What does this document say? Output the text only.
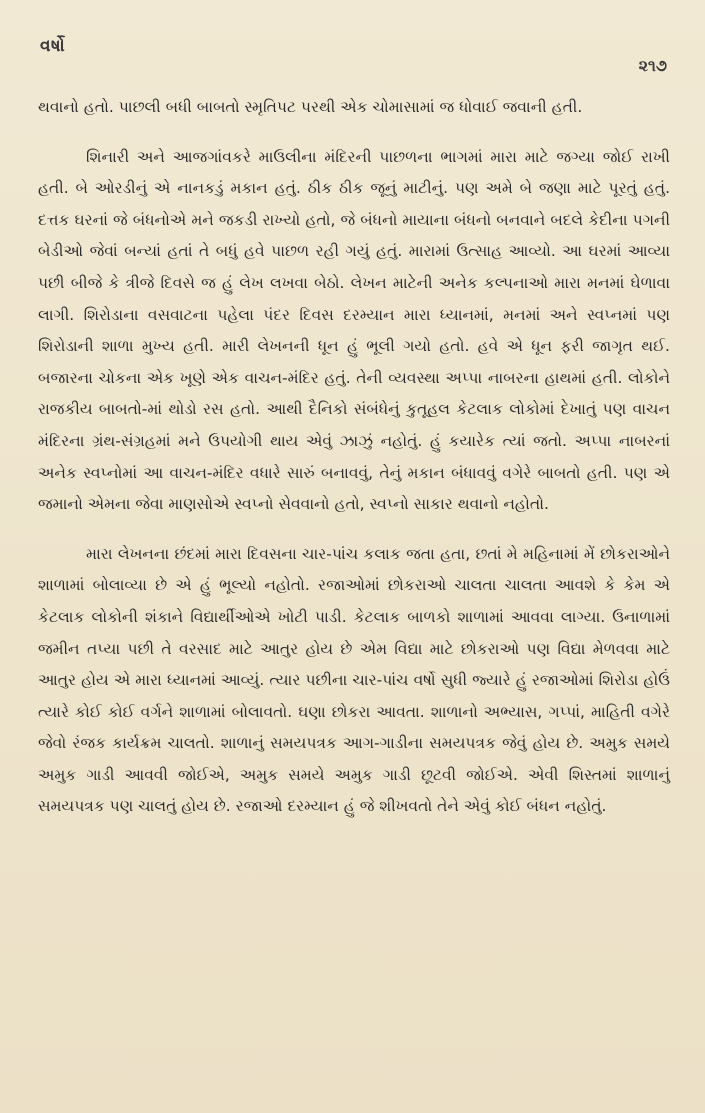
વર્ષો
૨૧૭

થવાનો હતો. પાછલી બધી બાબતો સ્મૃતિપટ પરથી એક ચોમાસામાં જ ધોવાઈ જવાની હતી.

શિનારી અને આજગાંવકરે માઉલીના મંદિરની પાછળના ભાગમાં મારા માટે જગ્યા જોઈ રાખી હતી. બે ઓરડીનું એ નાનકડું મકાન હતું. ઠીક ઠીક જૂનું માટીનું. પણ અમે બે જણા માટે પૂરતું હતું. દત્તક ઘરનાં જે બંધનોએ મને જકડી રાખ્યો હતો, જે બંધનો માયાના બંધનો બનવાને બદલે કેદીના પગની બેડીઓ જેવાં બન્યાં હતાં તે બધું હવે પાછળ રહી ગયું હતું. મારામાં ઉત્સાહ આવ્યો. આ ઘરમાં આવ્યા પછી બીજે કે ત્રીજે દિવસે જ હું લેખ લખવા બેઠો. લેખન માટેની અનેક કલ્પનાઓ મારા મનમાં ઘેળાવા લાગી. શિરોડાના વસવાટના પહેલા પંદર દિવસ દરમ્યાન મારા ધ્યાનમાં, મનમાં અને સ્વપ્નમાં પણ શિરોડાની શાળા મુખ્ય હતી. મારી લેખનની ધૂન હું ભૂલી ગયો હતો. હવે એ ધૂન ફરી જાગૃત થઈ. બજારના ચોકના એક ખૂણે એક વાચન-મંદિર હતું. તેની વ્યવસ્થા અપ્પા નાબરના હાથમાં હતી. લોકોને રાજકીય બાબતો-માં થોડો રસ હતો. આથી દૈનિકો સંબંધેનું કુતૂહલ કેટલાક લોકોમાં દેખાતું પણ વાચન મંદિરના ગ્રંથ-સંગ્રહમાં મને ઉપયોગી થાય એવું ઝાઝું નહોતું. હું કયારેક ત્યાં જતો. અપ્પા નાબરનાં અનેક સ્વપ્નોમાં આ વાચન-મંદિર વધારે સારું બનાવવું, તેનું મકાન બંધાવવું વગેરે બાબતો હતી. પણ એ જમાનો એમના જેવા માણસોએ સ્વપ્નો સેવવાનો હતો, સ્વપ્નો સાકાર થવાનો નહોતો.

મારા લેખનના છંદમાં મારા દિવસના ચાર-પાંચ કલાક જતા હતા, છતાં મે મહિનામાં મેં છોકરાઓને શાળામાં બોલાવ્યા છે એ હું ભૂલ્યો નહોતો. રજાઓમાં છોકરાઓ ચાલતા ચાલતા આવશે કે કેમ એ કેટલાક લોકોની શંકાને વિદ્યાર્થીઓએ ખોટી પાડી. કેટલાક બાળકો શાળામાં આવવા લાગ્યા. ઉનાળામાં જમીન તપ્યા પછી તે વરસાદ માટે આતુર હોય છે એમ વિદ્યા માટે છોકરાઓ પણ વિદ્યા મેળવવા માટે આતુર હોય એ મારા ધ્યાનમાં આવ્યું. ત્યાર પછીના ચાર-પાંચ વર્ષો સુધી જ્યારે હું રજાઓમાં શિરોડા હોઉં ત્યારે કોઈ કોઈ વર્ગને શાળામાં બોલાવતો. ઘણા છોકરા આવતા. શાળાનો અભ્યાસ, ગપ્પાં, માહિતી વગેરે જેવો રંજક કાર્યક્રમ ચાલતો. શાળાનું સમયપત્રક આગ-ગાડીના સમયપત્રક જેવું હોય છે. અમુક સમયે અમુક ગાડી આવવી જોઈએ, અમુક સમયે અમુક ગાડી છૂટવી જોઈએ. એવી શિસ્તમાં શાળાનું સમયપત્રક પણ ચાલતું હોય છે. રજાઓ દરમ્યાન હું જે શીખવતો તેને એવું કોઈ બંધન નહોતું.
